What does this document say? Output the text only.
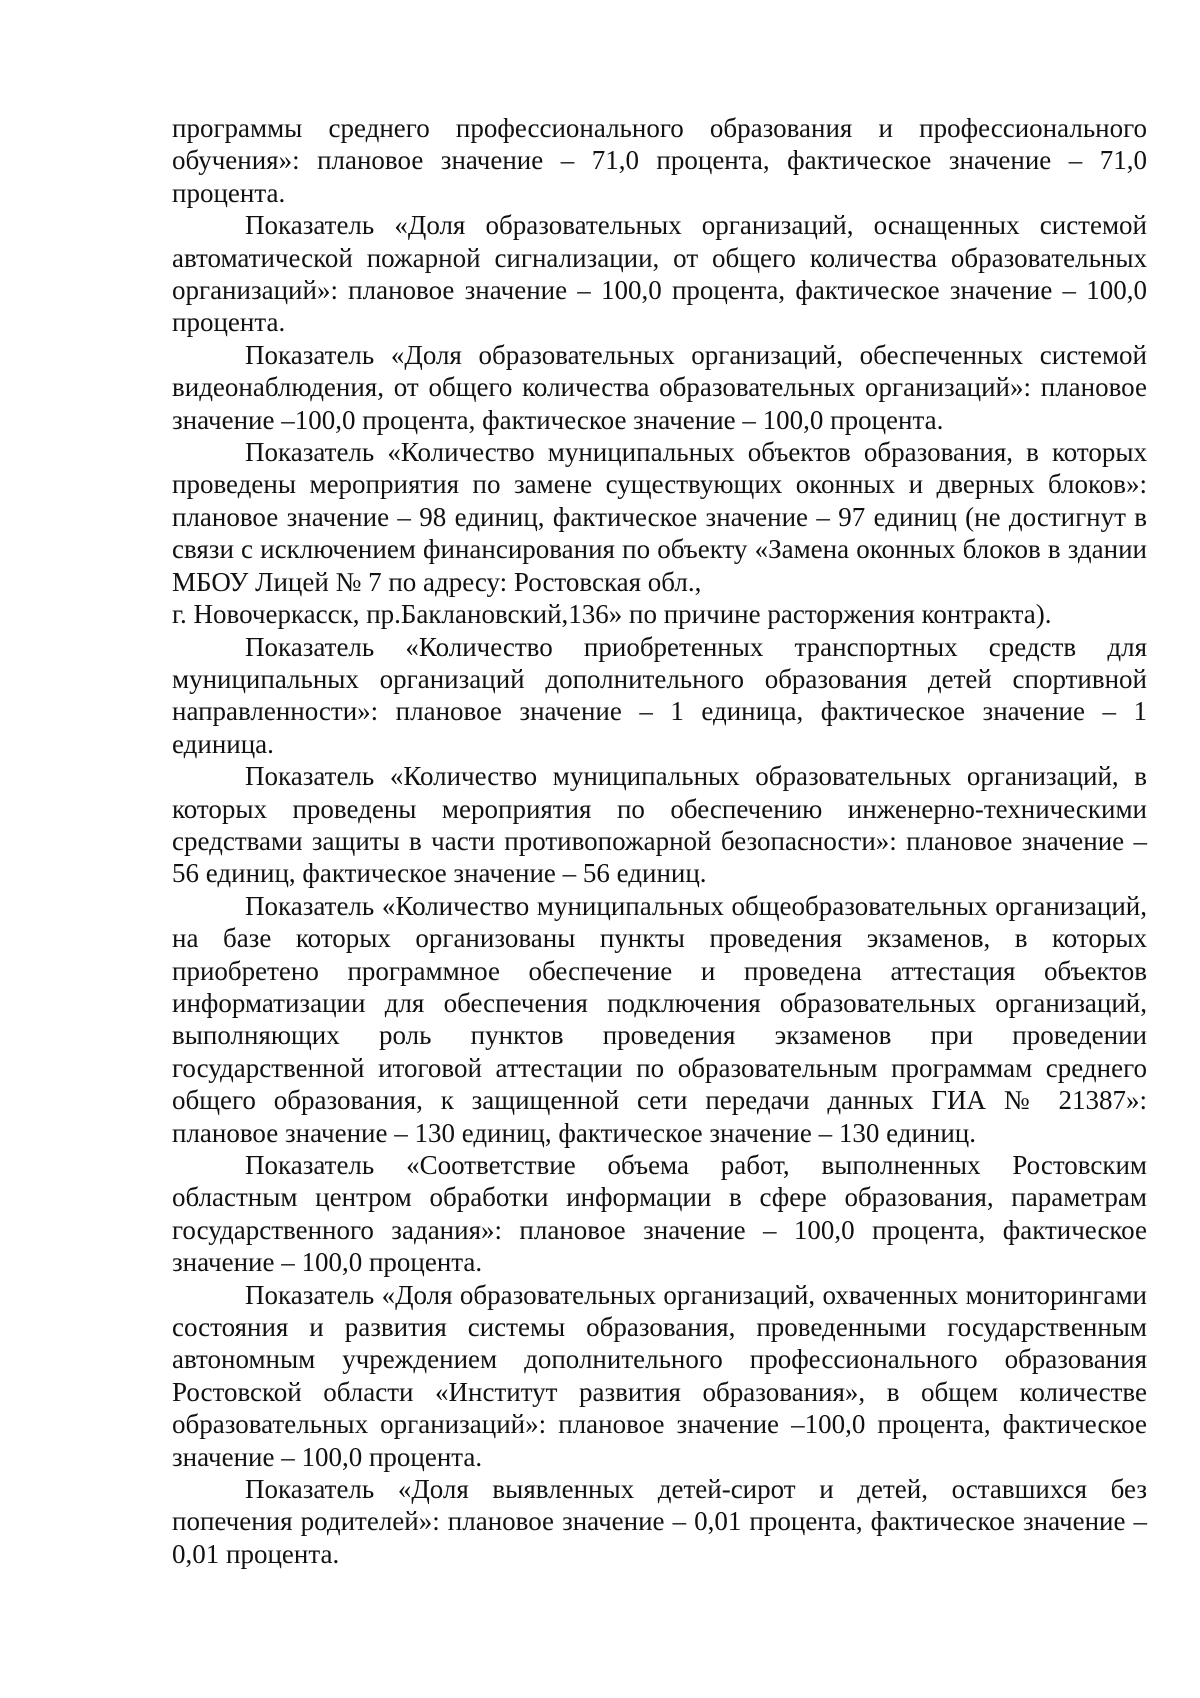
программы среднего профессионального образования и профессионального обучения»: плановое значение – 71,0 процента, фактическое значение – 71,0 процента.

Показатель «Доля образовательных организаций, оснащенных системой автоматической пожарной сигнализации, от общего количества образовательных организаций»: плановое значение – 100,0 процента, фактическое значение – 100,0 процента.

Показатель «Доля образовательных организаций, обеспеченных системой видеонаблюдения, от общего количества образовательных организаций»: плановое значение –100,0 процента, фактическое значение – 100,0 процента.

Показатель «Количество муниципальных объектов образования, в которых проведены мероприятия по замене существующих оконных и дверных блоков»: плановое значение – 98 единиц, фактическое значение – 97 единиц (не достигнут в связи с исключением финансирования по объекту «Замена оконных блоков в здании МБОУ Лицей № 7 по адресу: Ростовская обл.,

г. Новочеркасск, пр.Баклановский,136» по причине расторжения контракта).

Показатель «Количество приобретенных транспортных средств для муниципальных организаций дополнительного образования детей спортивной направленности»: плановое значение – 1 единица, фактическое значение – 1 единица.

Показатель «Количество муниципальных образовательных организаций, в которых проведены мероприятия по обеспечению инженерно-техническими средствами защиты в части противопожарной безопасности»: плановое значение – 56 единиц, фактическое значение – 56 единиц.

Показатель «Количество муниципальных общеобразовательных организаций, на базе которых организованы пункты проведения экзаменов, в которых приобретено программное обеспечение и проведена аттестация объектов информатизации для обеспечения подключения образовательных организаций, выполняющих роль пунктов проведения экзаменов при проведении государственной итоговой аттестации по образовательным программам среднего общего образования, к защищенной сети передачи данных ГИА № 21387»: плановое значение – 130 единиц, фактическое значение – 130 единиц.

Показатель «Соответствие объема работ, выполненных Ростовским областным центром обработки информации в сфере образования, параметрам государственного задания»: плановое значение – 100,0 процента, фактическое значение – 100,0 процента.

Показатель «Доля образовательных организаций, охваченных мониторингами состояния и развития системы образования, проведенными государственным автономным учреждением дополнительного профессионального образования Ростовской области «Институт развития образования», в общем количестве образовательных организаций»: плановое значение –100,0 процента, фактическое значение – 100,0 процента.

Показатель «Доля выявленных детей-сирот и детей, оставшихся без попечения родителей»: плановое значение – 0,01 процента, фактическое значение – 0,01 процента.
